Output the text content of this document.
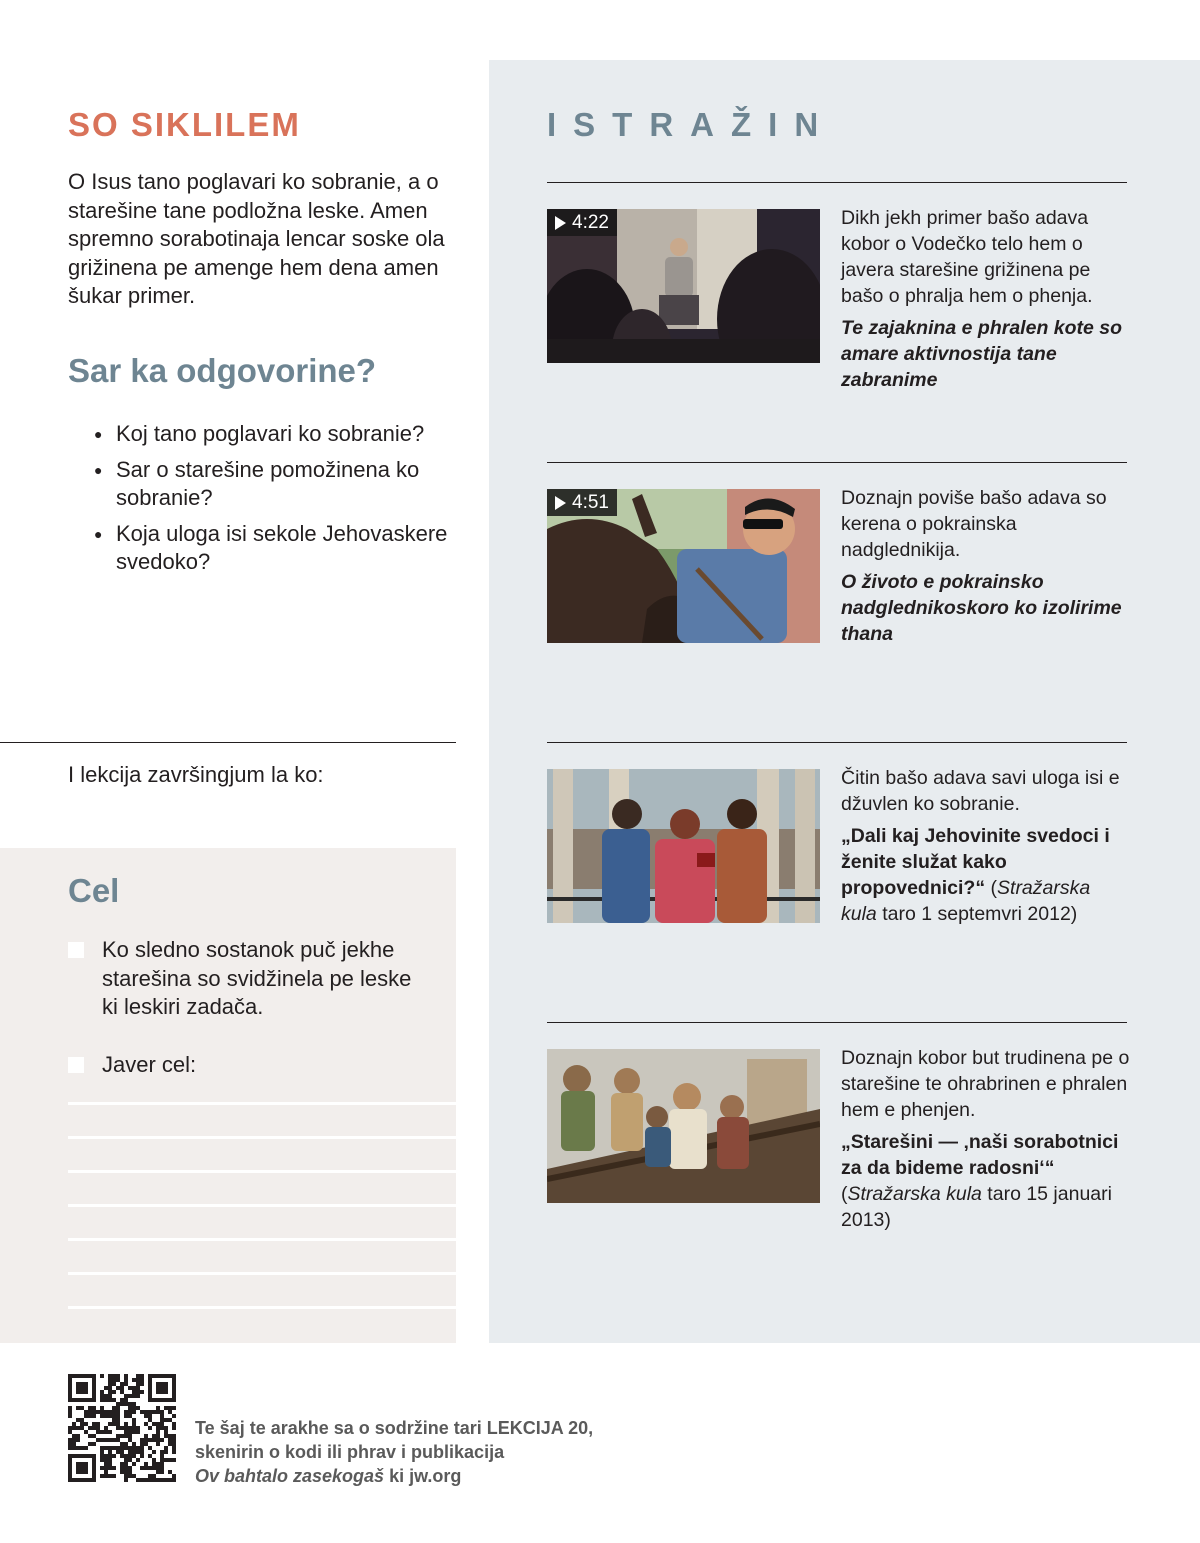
SO SIKLILEM

O Isus tano poglavari ko sobranie, a o starešine tane podložna leske. Amen spremno sorabotinaja lencar soske ola grižinena pe amenge hem dena amen šukar primer.

Sar ka odgovorine?
● Koj tano poglavari ko sobranie?
● Sar o starešine pomožinena ko sobranie?
● Koja uloga isi sekole Jehovaskere svedoko?

I lekcija završingjum la ko:

Cel
Ko sledno sostanok puč jekhe starešina so svidžinela pe leske ki leskiri zadača.
Javer cel:
ISTRAŽIN
4:22	Dikh jekh primer bašo adava kobor o Vodečko telo hem o javera starešine grižinena pe bašo o phralja hem o phenja.

Te zajaknina e phralen kote so amare aktivnostija tane zabranime

4:51	Doznajn poviše bašo adava so kerena o pokrainska nadglednikija.

O životo e pokrainsko nadglednikoskoro ko izolirime thana

Čitin bašo adava savi uloga isi e džuvlen ko sobranie.

„Dali kaj Jehovinite svedoci i ženite služat kako propovednici?“ (Stražarska kula taro 1 septemvri 2012)

Doznajn kobor but trudinena pe o starešine te ohrabrinen e phralen hem e phenjen.

„Starešini — ‚naši sorabotnici za da bideme radosni‘“ (Stražarska kula taro 15 januari 2013)

Te šaj te arakhe sa o sodržine tari LEKCIJA 20,
skenirin o kodi ili phrav i publikacija
Ov bahtalo zasekogaš ki jw.org
